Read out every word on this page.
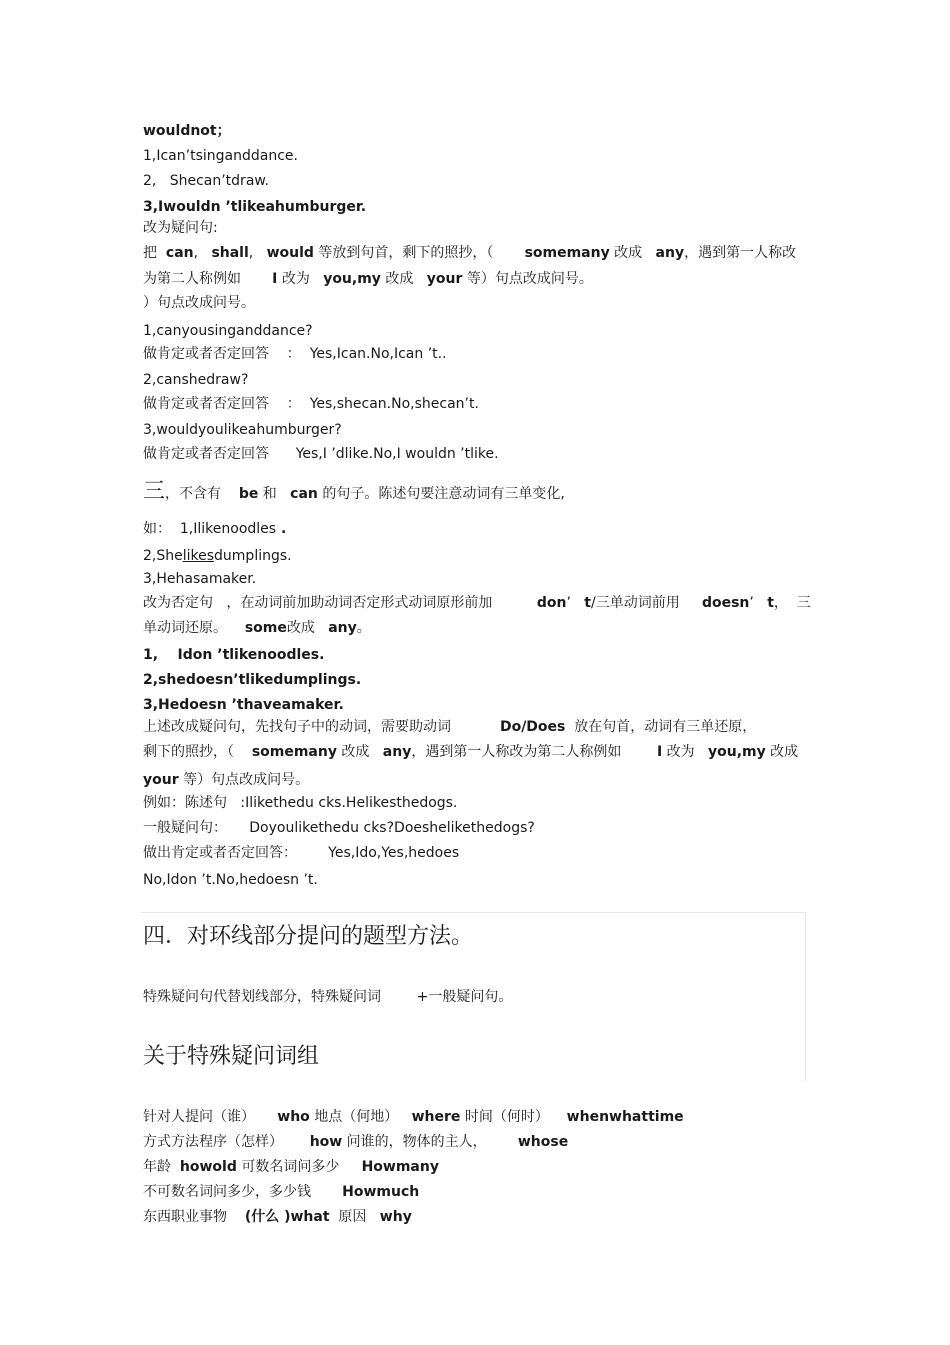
wouldnot；
1,Ican’tsinganddance.
2,   Shecan’tdraw.
3,Iwouldn ’tlikeahumburger.
改为疑问句:
把  can,   shall,   would 等放到句首，剩下的照抄，（       somemany 改成   any，遇到第一人称改
为第二人称例如       I 改为   you,my 改成   your 等）句点改成问号。
）句点改成问号。
1,canyousinganddance?
做肯定或者否定回答    ：  Yes,Ican.No,Ican ’t..
2,canshedraw?
做肯定或者否定回答    ：  Yes,shecan.No,shecan’t.
3,wouldyoulikeahumburger?
做肯定或者否定回答      Yes,I ’dlike.No,I wouldn ’tlike.
三，不含有    be 和   can 的句子。陈述句要注意动词有三单变化,
如：  1,Ilikenoodles .
2,Shelikesdumplings.
3,Hehasamaker.
改为否定句   ，在动词前加助动词否定形式动词原形前加          don’   t/三单动词前用     doesn’   t，  三
单动词还原。    some改成   any。
1,    Idon ’tlikenoodles.
2,shedoesn’tlikedumplings.
3,Hedoesn ’thaveamaker.
上述改成疑问句，先找句子中的动词，需要助动词           Do/Does  放在句首，动词有三单还原，
剩下的照抄，（    somemany 改成   any，遇到第一人称改为第二人称例如        I 改为   you,my 改成
your 等）句点改成问号。
例如：陈述句   :Ilikethedu cks.Helikesthedogs.
一般疑问句：     Doyoulikethedu cks?Doeshelikethedogs?
做出肯定或者否定回答：       Yes,Ido,Yes,hedoes
No,Idon ’t.No,hedoesn ’t.
四．对环线部分提问的题型方法。
特殊疑问句代替划线部分，特殊疑问词        +一般疑问句。
关于特殊疑问词组
针对人提问（谁）     who 地点（何地）   where 时间（何时）    whenwhattime
方式方法程序（怎样）      how 问谁的，物体的主人，       whose
年龄  howold 可数名词问多少     Howmany
不可数名词问多少，多少钱       Howmuch
东西职业事物    (什么 )what  原因   why
